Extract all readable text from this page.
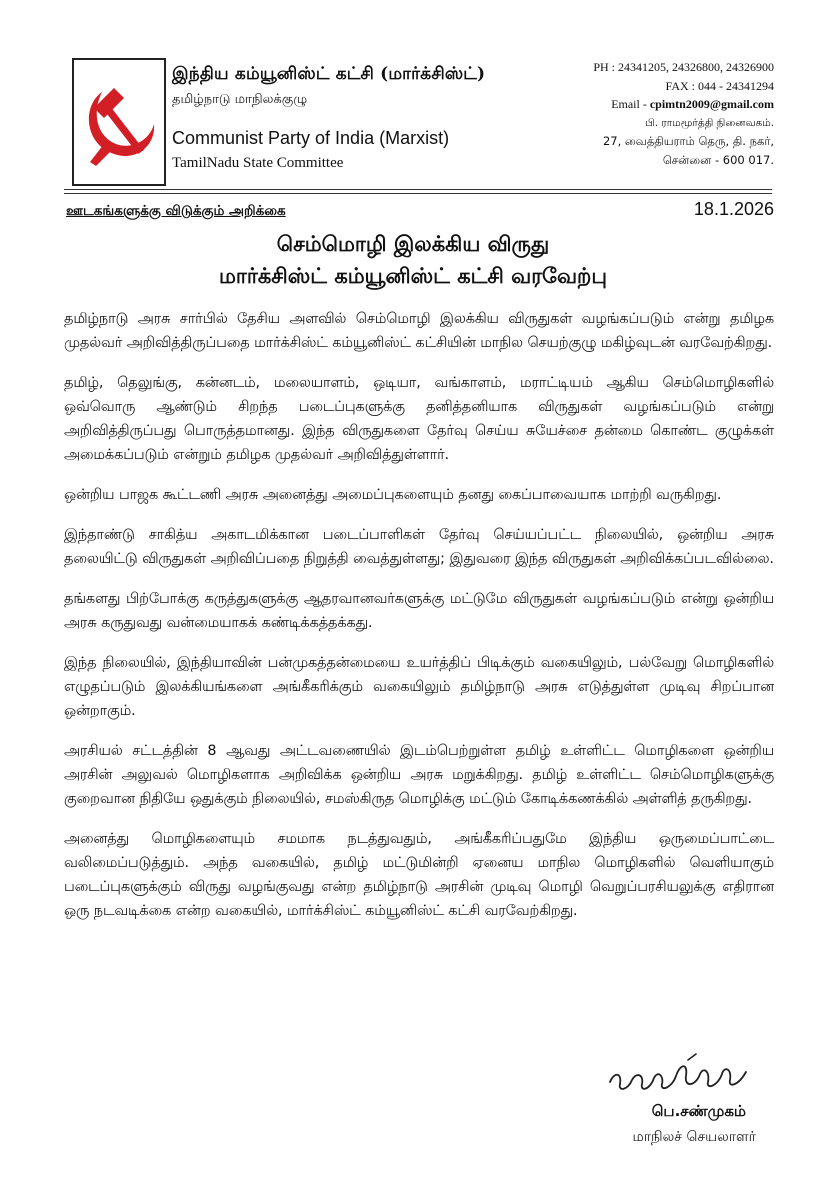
இந்திய கம்யூனிஸ்ட் கட்சி (மார்க்சிஸ்ட்)
தமிழ்நாடு மாநிலக்குழு
Communist Party of India (Marxist)
TamilNadu State Committee
PH : 24341205, 24326800, 24326900
FAX : 044 - 24341294
Email - cpimtn2009@gmail.com
பி. ராமமூர்த்தி நினைவகம்.
27, வைத்தியராம் தெரு, தி. நகர்,
சென்னை - 600 017.
ஊடகங்களுக்கு விடுக்கும் அறிக்கை	18.1.2026
செம்மொழி இலக்கிய விருது
மார்க்சிஸ்ட் கம்யூனிஸ்ட் கட்சி வரவேற்பு

தமிழ்நாடு அரசு சார்பில் தேசிய அளவில் செம்மொழி இலக்கிய விருதுகள் வழங்கப்படும் என்று தமிழக முதல்வர் அறிவித்திருப்பதை மார்க்சிஸ்ட் கம்யூனிஸ்ட் கட்சியின் மாநில செயற்குழு மகிழ்வுடன் வரவேற்கிறது.

தமிழ், தெலுங்கு, கன்னடம், மலையாளம், ஒடியா, வங்காளம், மராட்டியம் ஆகிய செம்மொழிகளில் ஒவ்வொரு ஆண்டும் சிறந்த படைப்புகளுக்கு தனித்தனியாக விருதுகள் வழங்கப்படும் என்று அறிவித்திருப்பது பொருத்தமானது. இந்த விருதுகளை தேர்வு செய்ய சுயேச்சை தன்மை கொண்ட குழுக்கள் அமைக்கப்படும் என்றும் தமிழக முதல்வர் அறிவித்துள்ளார்.

ஒன்றிய பாஜக கூட்டணி அரசு அனைத்து அமைப்புகளையும் தனது கைப்பாவையாக மாற்றி வருகிறது.

இந்தாண்டு சாகித்ய அகாடமிக்கான படைப்பாளிகள் தேர்வு செய்யப்பட்ட நிலையில், ஒன்றிய அரசு தலையிட்டு விருதுகள் அறிவிப்பதை நிறுத்தி வைத்துள்ளது; இதுவரை இந்த விருதுகள் அறிவிக்கப்படவில்லை.

தங்களது பிற்போக்கு கருத்துகளுக்கு ஆதரவானவர்களுக்கு மட்டுமே விருதுகள் வழங்கப்படும் என்று ஒன்றிய அரசு கருதுவது வன்மையாகக் கண்டிக்கத்தக்கது.

இந்த நிலையில், இந்தியாவின் பன்முகத்தன்மையை உயர்த்திப் பிடிக்கும் வகையிலும், பல்வேறு மொழிகளில் எழுதப்படும் இலக்கியங்களை அங்கீகரிக்கும் வகையிலும் தமிழ்நாடு அரசு எடுத்துள்ள முடிவு சிறப்பான ஒன்றாகும்.

அரசியல் சட்டத்தின் 8 ஆவது அட்டவணையில் இடம்பெற்றுள்ள தமிழ் உள்ளிட்ட மொழிகளை ஒன்றிய அரசின் அலுவல் மொழிகளாக அறிவிக்க ஒன்றிய அரசு மறுக்கிறது. தமிழ் உள்ளிட்ட செம்மொழிகளுக்கு குறைவான நிதியே ஒதுக்கும் நிலையில், சமஸ்கிருத மொழிக்கு மட்டும் கோடிக்கணக்கில் அள்ளித் தருகிறது.

அனைத்து மொழிகளையும் சமமாக நடத்துவதும், அங்கீகரிப்பதுமே இந்திய ஒருமைப்பாட்டை வலிமைப்படுத்தும். அந்த வகையில், தமிழ் மட்டுமின்றி ஏனைய மாநில மொழிகளில் வெளியாகும் படைப்புகளுக்கும் விருது வழங்குவது என்ற தமிழ்நாடு அரசின் முடிவு மொழி வெறுப்பரசியலுக்கு எதிரான ஒரு நடவடிக்கை என்ற வகையில், மார்க்சிஸ்ட் கம்யூனிஸ்ட் கட்சி வரவேற்கிறது.

பெ.சண்முகம்
மாநிலச் செயலாளர்
